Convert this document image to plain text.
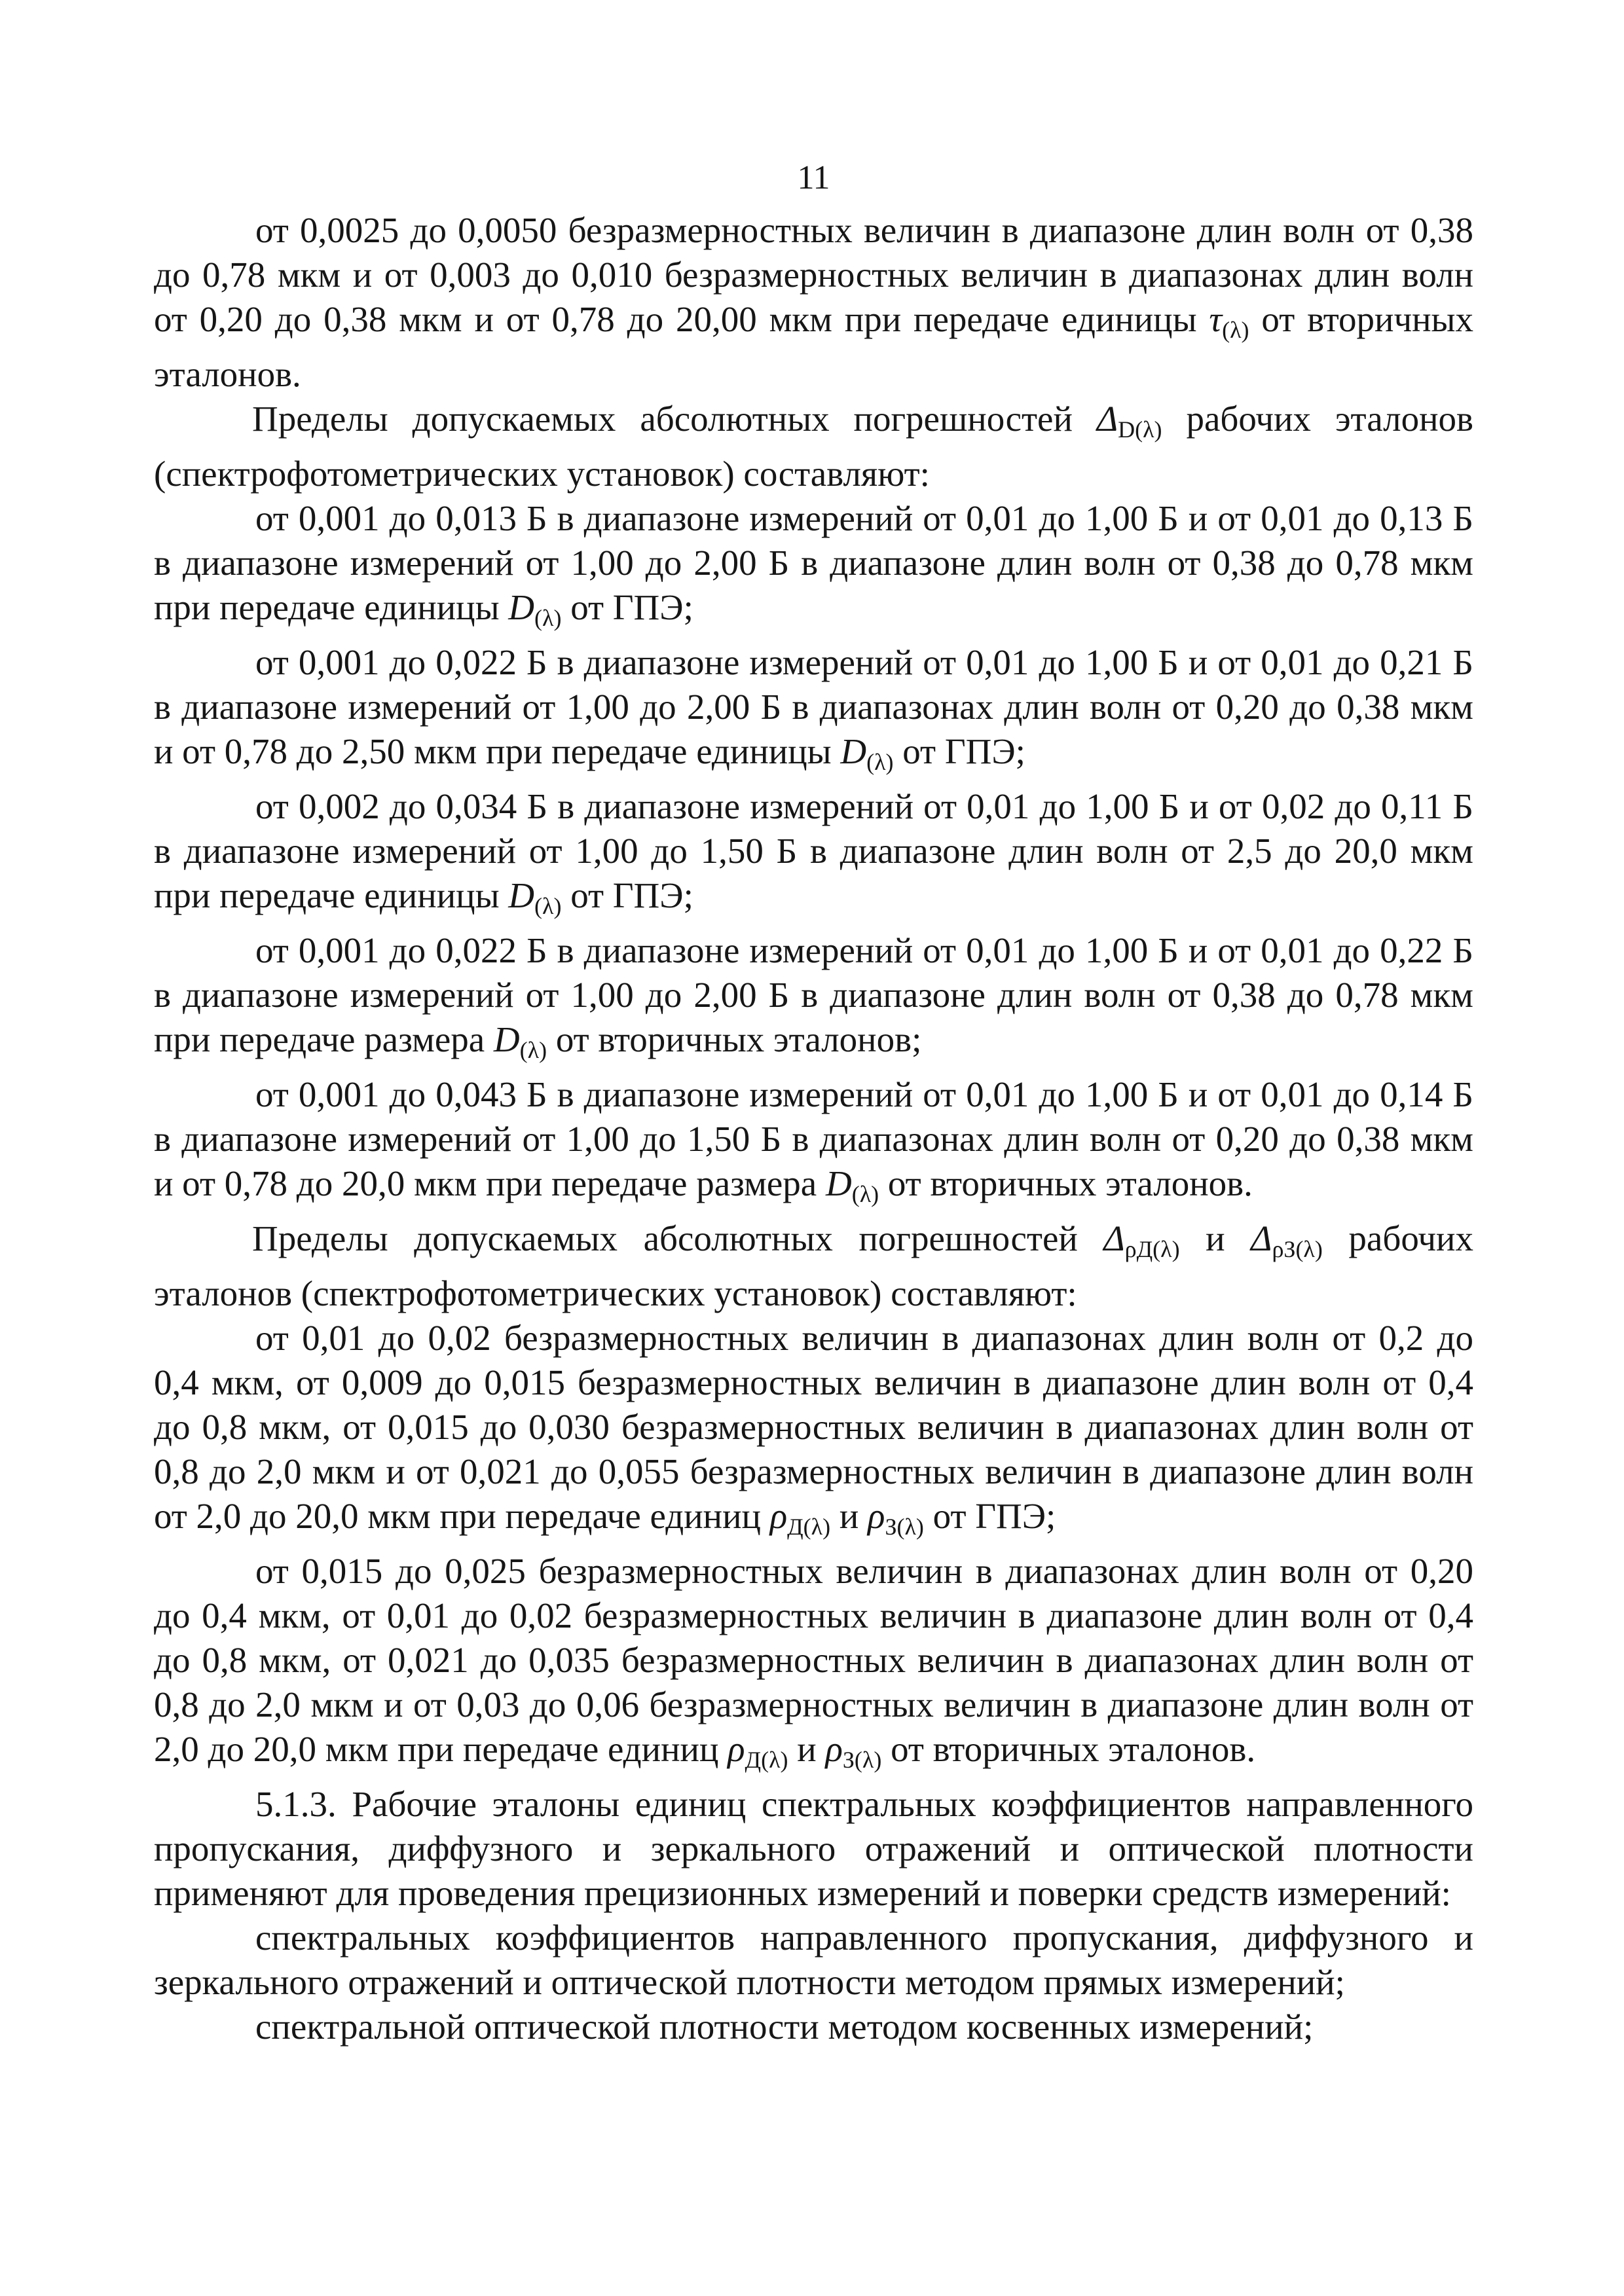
11

от 0,0025 до 0,0050 безразмерностных величин в диапазоне длин волн от 0,38 до 0,78 мкм и от 0,003 до 0,010 безразмерностных величин в диапазонах длин волн от 0,20 до 0,38 мкм и от 0,78 до 20,00 мкм при передаче единицы $\tau_{(\lambda)}$ от вторичных эталонов.

Пределы допускаемых абсолютных погрешностей $\Delta_{D(\lambda)}$ рабочих эталонов (спектрофотометрических установок) составляют:

от 0,001 до 0,013 Б в диапазоне измерений от 0,01 до 1,00 Б и от 0,01 до 0,13 Б в диапазоне измерений от 1,00 до 2,00 Б в диапазоне длин волн от 0,38 до 0,78 мкм при передаче единицы $D_{(\lambda)}$ от ГПЭ;

от 0,001 до 0,022 Б в диапазоне измерений от 0,01 до 1,00 Б и от 0,01 до 0,21 Б в диапазоне измерений от 1,00 до 2,00 Б в диапазонах длин волн от 0,20 до 0,38 мкм и от 0,78 до 2,50 мкм при передаче единицы $D_{(\lambda)}$ от ГПЭ;

от 0,002 до 0,034 Б в диапазоне измерений от 0,01 до 1,00 Б и от 0,02 до 0,11 Б в диапазоне измерений от 1,00 до 1,50 Б в диапазоне длин волн от 2,5 до 20,0 мкм при передаче единицы $D_{(\lambda)}$ от ГПЭ;

от 0,001 до 0,022 Б в диапазоне измерений от 0,01 до 1,00 Б и от 0,01 до 0,22 Б в диапазоне измерений от 1,00 до 2,00 Б в диапазоне длин волн от 0,38 до 0,78 мкм при передаче размера $D_{(\lambda)}$ от вторичных эталонов;

от 0,001 до 0,043 Б в диапазоне измерений от 0,01 до 1,00 Б и от 0,01 до 0,14 Б в диапазоне измерений от 1,00 до 1,50 Б в диапазонах длин волн от 0,20 до 0,38 мкм и от 0,78 до 20,0 мкм при передаче размера $D_{(\lambda)}$ от вторичных эталонов.

Пределы допускаемых абсолютных погрешностей $\Delta_{\rho Д(\lambda)}$ и $\Delta_{\rho З(\lambda)}$ рабочих эталонов (спектрофотометрических установок) составляют:

от 0,01 до 0,02 безразмерностных величин в диапазонах длин волн от 0,2 до 0,4 мкм, от 0,009 до 0,015 безразмерностных величин в диапазоне длин волн от 0,4 до 0,8 мкм, от 0,015 до 0,030 безразмерностных величин в диапазонах длин волн от 0,8 до 2,0 мкм и от 0,021 до 0,055 безразмерностных величин в диапазоне длин волн от 2,0 до 20,0 мкм при передаче единиц $\rho_{Д(\lambda)}$ и $\rho_{З(\lambda)}$ от ГПЭ;

от 0,015 до 0,025 безразмерностных величин в диапазонах длин волн от 0,20 до 0,4 мкм, от 0,01 до 0,02 безразмерностных величин в диапазоне длин волн от 0,4 до 0,8 мкм, от 0,021 до 0,035 безразмерностных величин в диапазонах длин волн от 0,8 до 2,0 мкм и от 0,03 до 0,06 безразмерностных величин в диапазоне длин волн от 2,0 до 20,0 мкм при передаче единиц $\rho_{Д(\lambda)}$ и $\rho_{З(\lambda)}$ от вторичных эталонов.

5.1.3. Рабочие эталоны единиц спектральных коэффициентов направленного пропускания, диффузного и зеркального отражений и оптической плотности применяют для проведения прецизионных измерений и поверки средств измерений:

спектральных коэффициентов направленного пропускания, диффузного и зеркального отражений и оптической плотности методом прямых измерений;

спектральной оптической плотности методом косвенных измерений;
